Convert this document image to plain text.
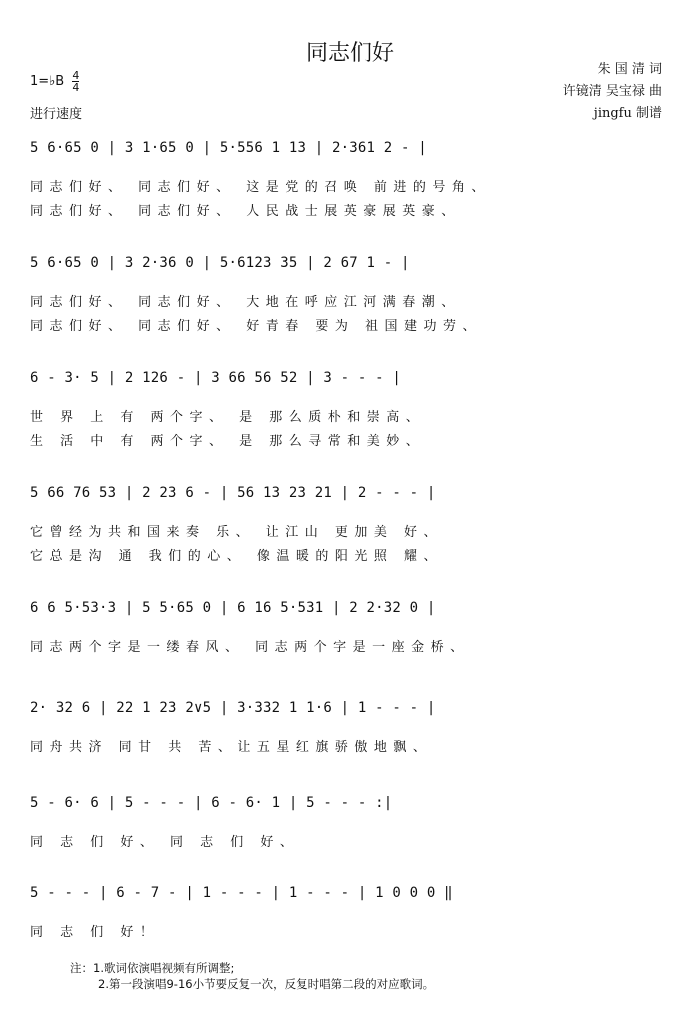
同志们好
朱 国 清 词
许镜清 吴宝禄 曲
jingfu 制谱
1=♭B $\frac{4}{4}$
进行速度
5 6·65 0 | 3 1·65 0 | 5·556 1 13 | 2·361 2 - |
同志们好、 同志们好、 这是党的召唤 前进的号角、
同志们好、 同志们好、 人民战士展英豪展英豪、
5 6·65 0 | 3 2·36 0 | 5·6123 35 | 2 67 1 - |
同志们好、 同志们好、 大地在呼应江河满春潮、
同志们好、 同志们好、 好青春 要为 祖国建功劳、
6 - 3· 5 | 2 126 - | 3 66 56 52 | 3 - - - |
世 界 上 有 两个字、 是 那么质朴和崇高、
生 活 中 有 两个字、 是 那么寻常和美妙、
5 66 76 53 | 2 23 6 - | 56 13 23 21 | 2 - - - |
它曾经为共和国来奏 乐、 让江山 更加美 好、
它总是沟 通 我们的心、 像温暖的阳光照 耀、
6 6 5·53·3 | 5 5·65 0 | 6 16 5·531 | 2 2·32 0 |
同志两个字是一缕春风、 同志两个字是一座金桥、
2· 32 6 | 22 1 23 2∨5 | 3·332 1 1·6 | 1 - - - |
同舟共济 同甘 共 苦、让五星红旗骄傲地飘、
5 - 6· 6 | 5 - - - | 6 - 6· 1 | 5 - - - :|
同 志 们 好、 同 志 们 好、
5 - - - | 6 - 7 - | 1 - - - | 1 - - - | 1 0 0 0 ‖
同 志 们 好！
注：1.歌词依演唱视频有所调整;
2.第一段演唱9-16小节要反复一次，反复时唱第二段的对应歌词。
